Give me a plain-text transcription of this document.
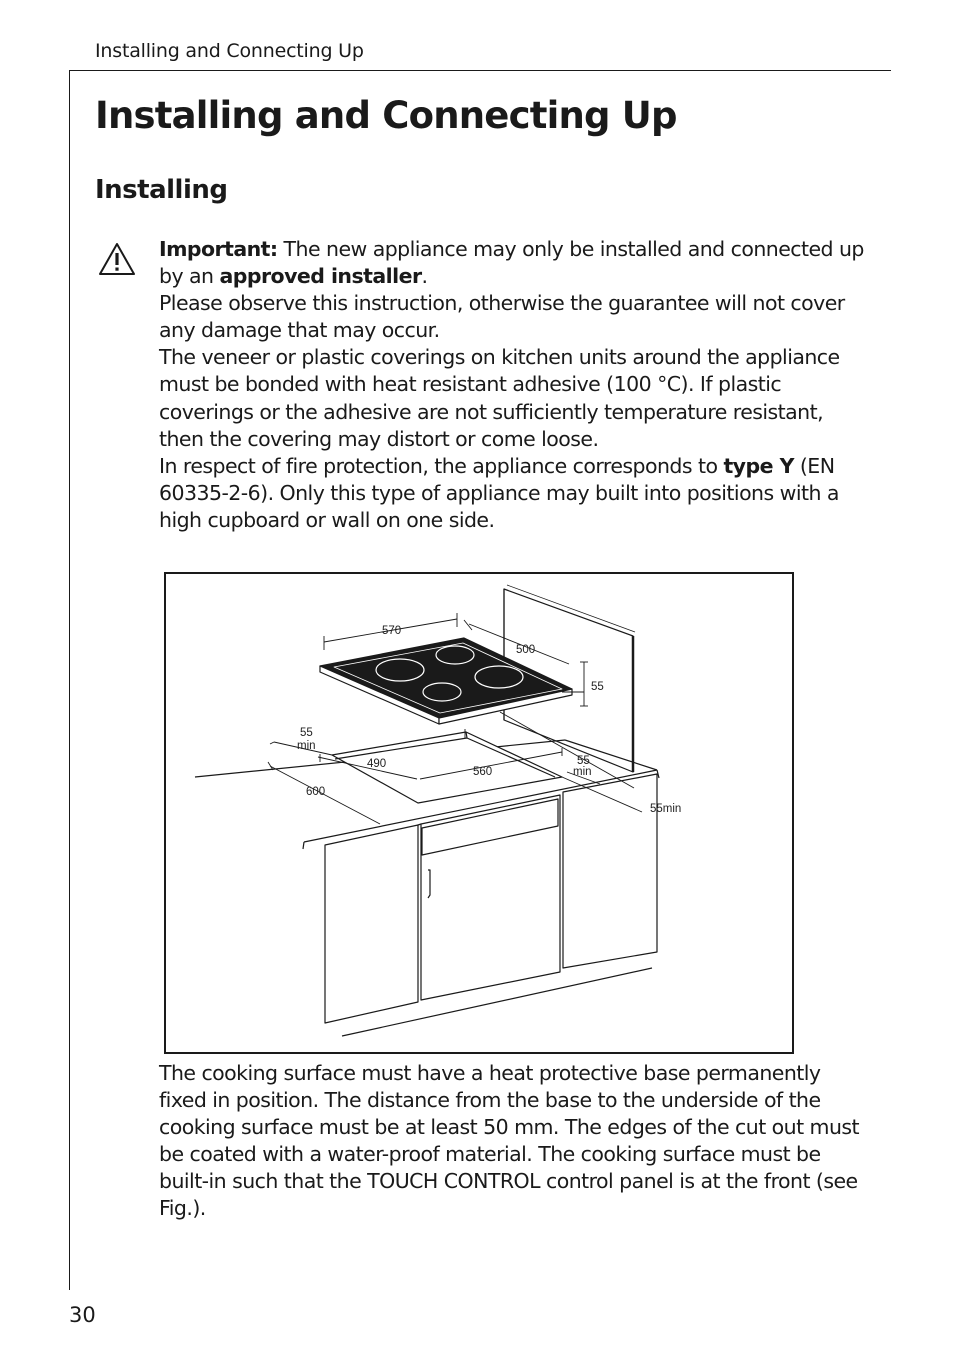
Installing and Connecting Up
Installing and Connecting Up
Installing

Important: The new appliance may only be installed and connected up by an approved installer.

Please observe this instruction, otherwise the guarantee will not cover any damage that may occur.

The veneer or plastic coverings on kitchen units around the appliance must be bonded with heat resistant adhesive (100 °C). If plastic coverings or the adhesive are not sufficiently temperature resistant, then the covering may distort or come loose.

In respect of fire protection, the appliance corresponds to type Y (EN 60335-2-6). Only this type of appliance may built into positions with a high cupboard or wall on one side.

570
500
55
55
min
490
560
55
min
600
55min

The cooking surface must have a heat protective base permanently fixed in position. The distance from the base to the underside of the cooking surface must be at least 50 mm. The edges of the cut out must be coated with a water-proof material. The cooking surface must be built-in such that the TOUCH CONTROL control panel is at the front (see Fig.).

30
